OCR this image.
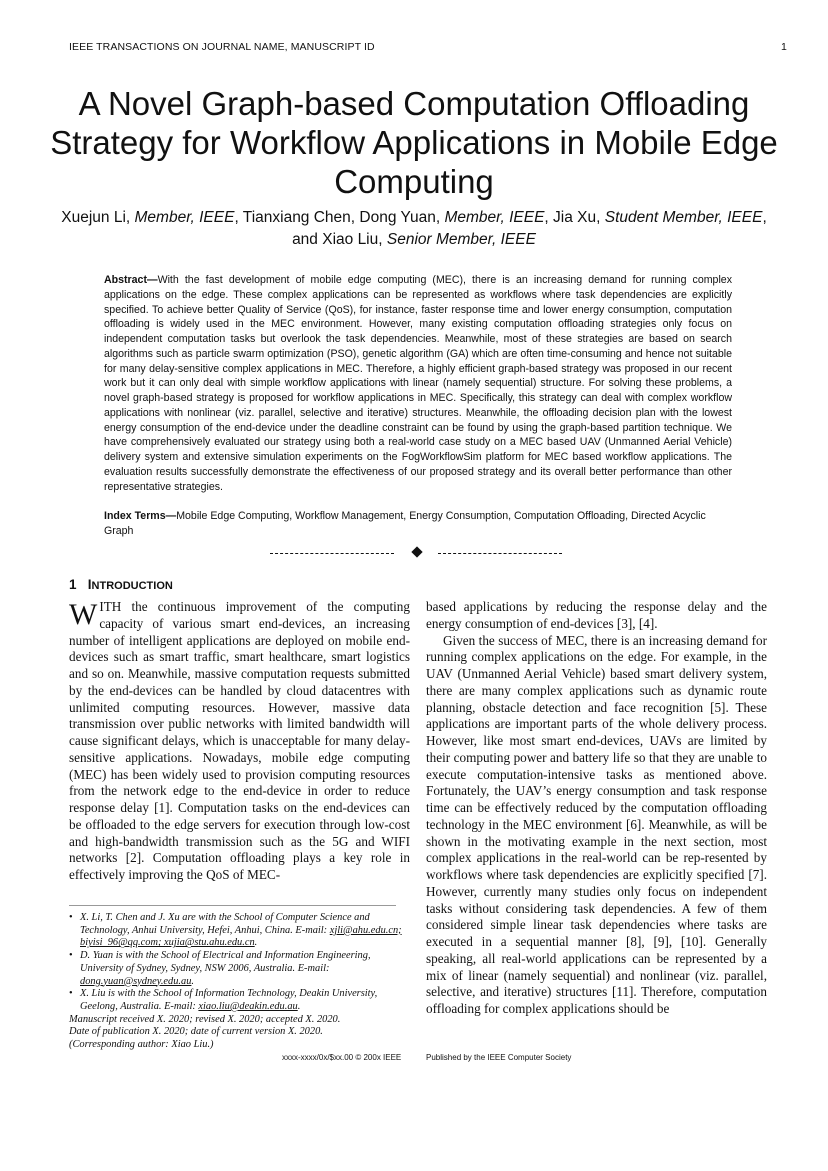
IEEE TRANSACTIONS ON JOURNAL NAME, MANUSCRIPT ID	1
A Novel Graph-based Computation Offloading Strategy for Workflow Applications in Mobile Edge Computing
Xuejun Li, Member, IEEE, Tianxiang Chen, Dong Yuan, Member, IEEE, Jia Xu, Student Member, IEEE, and Xiao Liu, Senior Member, IEEE
Abstract—With the fast development of mobile edge computing (MEC), there is an increasing demand for running complex applications on the edge. These complex applications can be represented as workflows where task dependencies are explicitly specified. To achieve better Quality of Service (QoS), for instance, faster response time and lower energy consumption, computation offloading is widely used in the MEC environment. However, many existing computation offloading strategies only focus on independent computation tasks but overlook the task dependencies. Meanwhile, most of these strategies are based on search algorithms such as particle swarm optimization (PSO), genetic algorithm (GA) which are often time-consuming and hence not suitable for many delay-sensitive complex applications in MEC. Therefore, a highly efficient graph-based strategy was proposed in our recent work but it can only deal with simple workflow applications with linear (namely sequential) structure. For solving these problems, a novel graph-based strategy is proposed for workflow applications in MEC. Specifically, this strategy can deal with complex workflow applications with nonlinear (viz. parallel, selective and iterative) structures. Meanwhile, the offloading decision plan with the lowest energy consumption of the end-device under the deadline constraint can be found by using the graph-based partition technique. We have comprehensively evaluated our strategy using both a real-world case study on a MEC based UAV (Unmanned Aerial Vehicle) delivery system and extensive simulation experiments on the FogWorkflowSim platform for MEC based workflow applications. The evaluation results successfully demonstrate the effectiveness of our proposed strategy and its overall better performance than other representative strategies.
Index Terms—Mobile Edge Computing, Workflow Management, Energy Consumption, Computation Offloading, Directed Acyclic Graph
1 INTRODUCTION

WITH the continuous improvement of the computing capacity of various smart end-devices, an increasing number of intelligent applications are deployed on mobile end-devices such as smart traffic, smart healthcare, smart logistics and so on. Meanwhile, massive computation requests submitted by the end-devices can be handled by cloud datacentres with unlimited computing resources. However, massive data transmission over public networks with limited bandwidth will cause significant delays, which is unacceptable for many delay-sensitive applications. Nowadays, mobile edge computing (MEC) has been widely used to provision computing resources from the network edge to the end-device in order to reduce response delay [1]. Computation tasks on the end-devices can be offloaded to the edge servers for execution through low-cost and high-bandwidth transmission such as the 5G and WIFI networks [2]. Computation offloading plays a key role in effectively improving the QoS of MEC-

based applications by reducing the response delay and the energy consumption of end-devices [3], [4].

Given the success of MEC, there is an increasing demand for running complex applications on the edge. For example, in the UAV (Unmanned Aerial Vehicle) based smart delivery system, there are many complex applications such as dynamic route planning, obstacle detection and face recognition [5]. These applications are important parts of the whole delivery process. However, like most smart end-devices, UAVs are limited by their computing power and battery life so that they are unable to execute computation-intensive tasks as mentioned above. Fortunately, the UAV’s energy consumption and task response time can be effectively reduced by the computation offloading technology in the MEC environment [6]. Meanwhile, as will be shown in the motivating example in the next section, most complex applications in the real-world can be rep-resented by workflows where task dependencies are explicitly specified [7]. However, currently many studies only focus on independent tasks without considering task dependencies. A few of them considered simple linear task dependencies where tasks are executed in a sequential manner [8], [9], [10]. Generally speaking, all real-world applications can be represented by a mix of linear (namely sequential) and nonlinear (viz. parallel, selective, and iterative) structures [11]. Therefore, computation offloading for complex applications should be

• X. Li, T. Chen and J. Xu are with the School of Computer Science and Technology, Anhui University, Hefei, Anhui, China. E-mail: xjli@ahu.edu.cn; biyisi_96@qq.com; xujia@stu.ahu.edu.cn.
• D. Yuan is with the School of Electrical and Information Engineering, University of Sydney, Sydney, NSW 2006, Australia. E-mail: dong.yuan@sydney.edu.au.
• X. Liu is with the School of Information Technology, Deakin University, Geelong, Australia. E-mail: xiao.liu@deakin.edu.au.
Manuscript received X. 2020; revised X. 2020; accepted X. 2020.
Date of publication X. 2020; date of current version X. 2020.
(Corresponding author: Xiao Liu.)
xxxx-xxxx/0x/$xx.00 © 200x IEEE	Published by the IEEE Computer Society
